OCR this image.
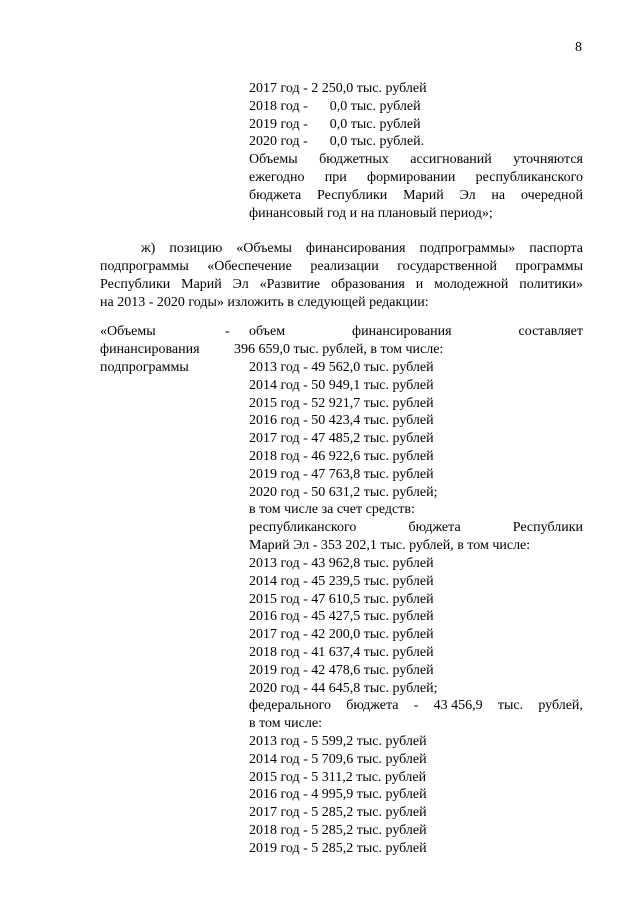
8
2017 год - 2 250,0 тыс. рублей
2018 год - 0,0 тыс. рублей
2019 год - 0,0 тыс. рублей
2020 год - 0,0 тыс. рублей.
Объемы бюджетных ассигнований уточняются
ежегодно при формировании республиканского
бюджета Республики Марий Эл на очередной
финансовый год и на плановый период»;
ж) позицию «Объемы финансирования подпрограммы» паспорта
подпрограммы «Обеспечение реализации государственной программы
Республики Марий Эл «Развитие образования и молодежной политики»
на 2013 - 2020 годы» изложить в следующей редакции:
«Объемы
финансирования
подпрограммы
- объем	финансирования	составляет
396 659,0 тыс. рублей, в том числе:
2013 год - 49 562,0 тыс. рублей
2014 год - 50 949,1 тыс. рублей
2015 год - 52 921,7 тыс. рублей
2016 год - 50 423,4 тыс. рублей
2017 год - 47 485,2 тыс. рублей
2018 год - 46 922,6 тыс. рублей
2019 год - 47 763,8 тыс. рублей
2020 год - 50 631,2 тыс. рублей;
в том числе за счет средств:
республиканского	бюджета	Республики
Марий Эл - 353 202,1 тыс. рублей, в том числе:
2013 год - 43 962,8 тыс. рублей
2014 год - 45 239,5 тыс. рублей
2015 год - 47 610,5 тыс. рублей
2016 год - 45 427,5 тыс. рублей
2017 год - 42 200,0 тыс. рублей
2018 год - 41 637,4 тыс. рублей
2019 год - 42 478,6 тыс. рублей
2020 год - 44 645,8 тыс. рублей;
федерального бюджета - 43 456,9 тыс. рублей,
в том числе:
2013 год - 5 599,2 тыс. рублей
2014 год - 5 709,6 тыс. рублей
2015 год - 5 311,2 тыс. рублей
2016 год - 4 995,9 тыс. рублей
2017 год - 5 285,2 тыс. рублей
2018 год - 5 285,2 тыс. рублей
2019 год - 5 285,2 тыс. рублей
